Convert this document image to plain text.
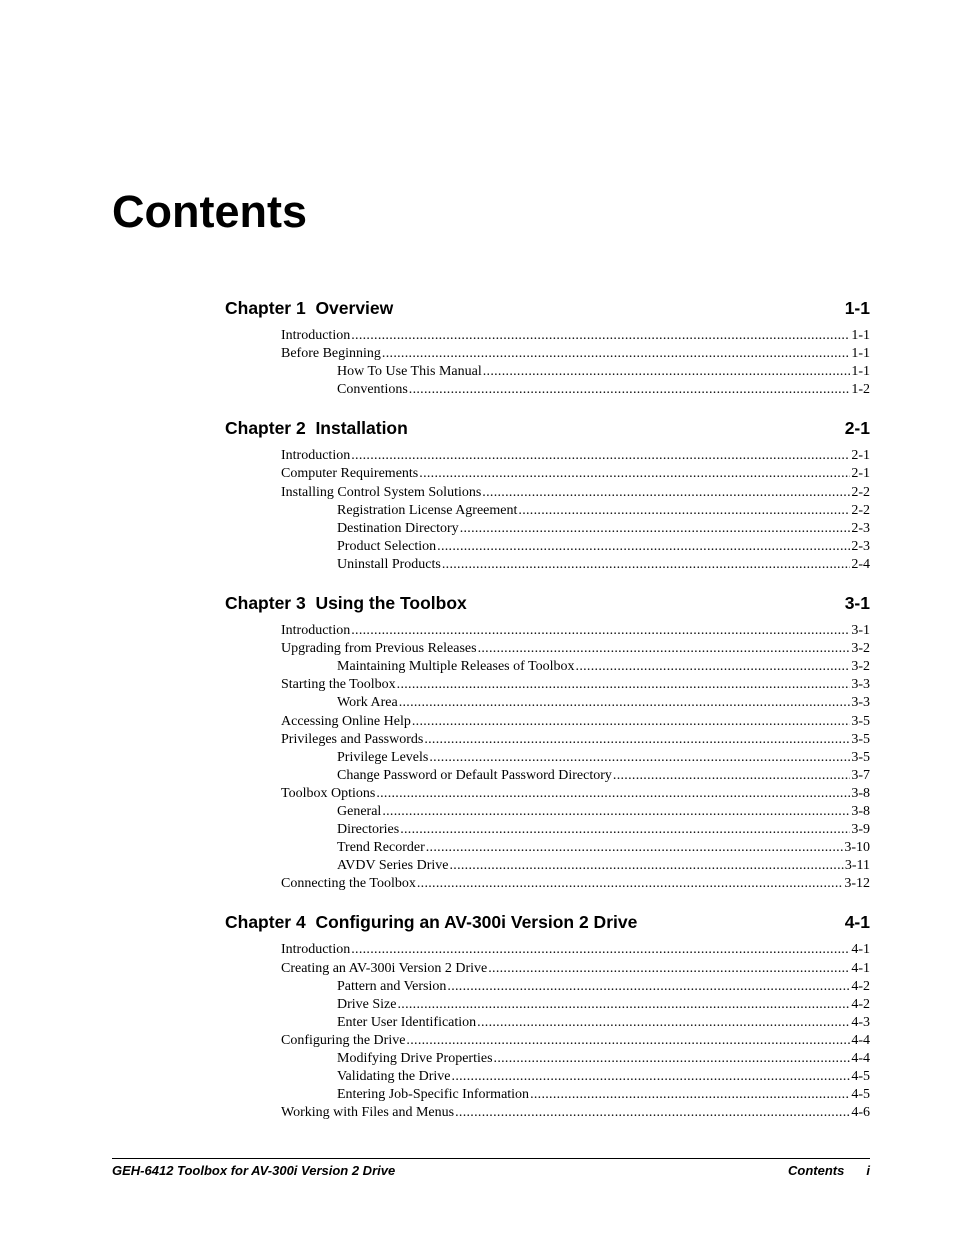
Contents
Chapter 1  Overview	1-1
Introduction .....	1-1
Before Beginning .....	1-1
How To Use This Manual .....	1-1
Conventions .....	1-2
Chapter 2  Installation	2-1
Introduction .....	2-1
Computer Requirements .....	2-1
Installing Control System Solutions .....	2-2
Registration License Agreement .....	2-2
Destination Directory .....	2-3
Product Selection .....	2-3
Uninstall Products .....	2-4
Chapter 3  Using the Toolbox	3-1
Introduction .....	3-1
Upgrading from Previous Releases .....	3-2
Maintaining Multiple Releases of Toolbox .....	3-2
Starting the Toolbox .....	3-3
Work Area .....	3-3
Accessing Online Help .....	3-5
Privileges and Passwords .....	3-5
Privilege Levels .....	3-5
Change Password or Default Password Directory .....	3-7
Toolbox Options .....	3-8
General .....	3-8
Directories .....	3-9
Trend Recorder .....	3-10
AVDV Series Drive .....	3-11
Connecting the Toolbox .....	3-12
Chapter 4  Configuring an AV-300i Version 2 Drive	4-1
Introduction .....	4-1
Creating an AV-300i Version 2 Drive .....	4-1
Pattern and Version .....	4-2
Drive Size .....	4-2
Enter User Identification .....	4-3
Configuring the Drive .....	4-4
Modifying Drive Properties .....	4-4
Validating the Drive .....	4-5
Entering Job-Specific Information .....	4-5
Working with Files and Menus .....	4-6
GEH-6412 Toolbox for AV-300i Version 2 Drive	Contents i
